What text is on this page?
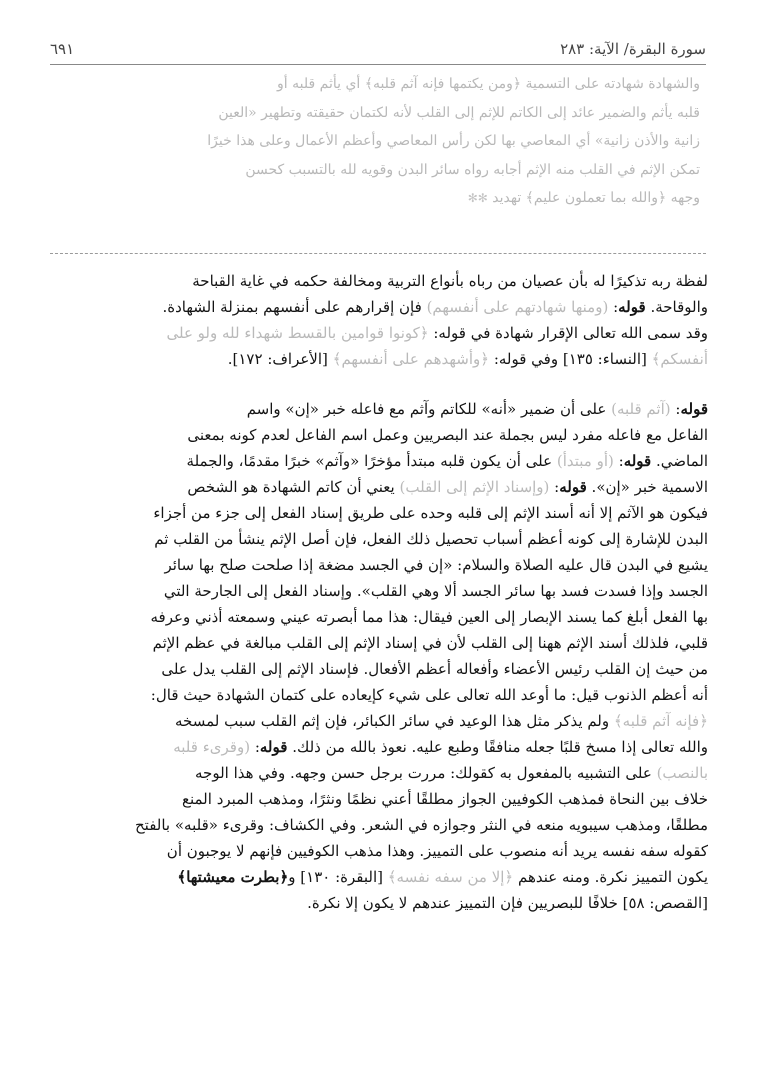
سورة البقرة/ الآية: ٢٨٣
٦٩١

والشهادة شهادته على التسمية ﴿ومن يكتمها فإنه آثم قلبه﴾ أي يأثم قلبه أو

قلبه يأثم والضمير عائد إلى الكاتم للإثم إلى القلب لأنه لكتمان حقيقته وتطهير «العين

زانية والأذن زانية» أي المعاصي بها لكن رأس المعاصي وأعظم الأعمال وعلى هذا خيرًا

تمكن الإثم في القلب منه الإثم أجابه رواه سائر البدن وقويه لله بالتسبب كحسن

وجهه ﴿والله بما تعملون عليم﴾ تهديد ✻✻

لفظة ربه تذكيرًا له بأن عصيان من رباه بأنواع التربية ومخالفة حكمه في غاية القباحة

والوقاحة. قوله: (ومنها شهادتهم على أنفسهم) فإن إقرارهم على أنفسهم بمنزلة الشهادة.

وقد سمى الله تعالى الإقرار شهادة في قوله: ﴿كونوا قوامين بالقسط شهداء لله ولو على

أنفسكم﴾ [النساء: ١٣٥] وفي قوله: ﴿وأشهدهم على أنفسهم﴾ [الأعراف: ١٧٢].

قوله: (آثم قلبه) على أن ضمير «أنه» للكاتم وآثم مع فاعله خبر «إن» واسم

الفاعل مع فاعله مفرد ليس بجملة عند البصريين وعمل اسم الفاعل لعدم كونه بمعنى

الماضي. قوله: (أو مبتدأ) على أن يكون قلبه مبتدأ مؤخرًا «وآثم» خبرًا مقدمًا، والجملة

الاسمية خبر «إن». قوله: (وإسناد الإثم إلى القلب) يعني أن كاتم الشهادة هو الشخص

فيكون هو الآثم إلا أنه أسند الإثم إلى قلبه وحده على طريق إسناد الفعل إلى جزء من أجزاء

البدن للإشارة إلى كونه أعظم أسباب تحصيل ذلك الفعل، فإن أصل الإثم ينشأ من القلب ثم

يشيع في البدن قال عليه الصلاة والسلام: «إن في الجسد مضغة إذا صلحت صلح بها سائر

الجسد وإذا فسدت فسد بها سائر الجسد ألا وهي القلب». وإسناد الفعل إلى الجارحة التي

بها الفعل أبلغ كما يسند الإبصار إلى العين فيقال: هذا مما أبصرته عيني وسمعته أذني وعرفه

قلبي، فلذلك أسند الإثم ههنا إلى القلب لأن في إسناد الإثم إلى القلب مبالغة في عظم الإثم

من حيث إن القلب رئيس الأعضاء وأفعاله أعظم الأفعال. فإسناد الإثم إلى القلب يدل على

أنه أعظم الذنوب قيل: ما أوعد الله تعالى على شيء كإيعاده على كتمان الشهادة حيث قال:

﴿فإنه آثم قلبه﴾ ولم يذكر مثل هذا الوعيد في سائر الكبائر، فإن إثم القلب سبب لمسخه

والله تعالى إذا مسخ قلبًا جعله منافقًا وطبع عليه. نعوذ بالله من ذلك. قوله: (وقرىء قلبه

بالنصب) على التشبيه بالمفعول به كقولك: مررت برجل حسن وجهه. وفي هذا الوجه

خلاف بين النحاة فمذهب الكوفيين الجواز مطلقًا أعني نظمًا ونثرًا، ومذهب المبرد المنع

مطلقًا، ومذهب سيبويه منعه في النثر وجوازه في الشعر. وفي الكشاف: وقرىء «قلبه» بالفتح

كقوله سفه نفسه يريد أنه منصوب على التمييز. وهذا مذهب الكوفيين فإنهم لا يوجبون أن

يكون التمييز نكرة. ومنه عندهم ﴿إلا من سفه نفسه﴾ [البقرة: ١٣٠] و﴿بطرت معيشتها﴾

[القصص: ٥٨] خلافًا للبصريين فإن التمييز عندهم لا يكون إلا نكرة.
